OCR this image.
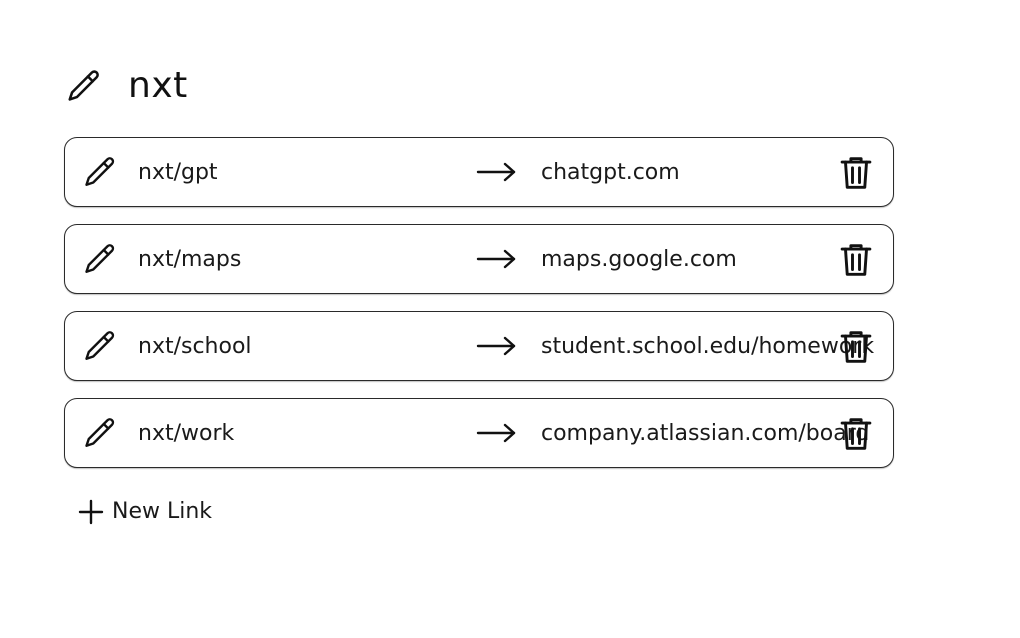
nxt
nxt/gpt	chatgpt.com
nxt/maps	maps.google.com
nxt/school	student.school.edu/homework
nxt/work	company.atlassian.com/board
New Link
